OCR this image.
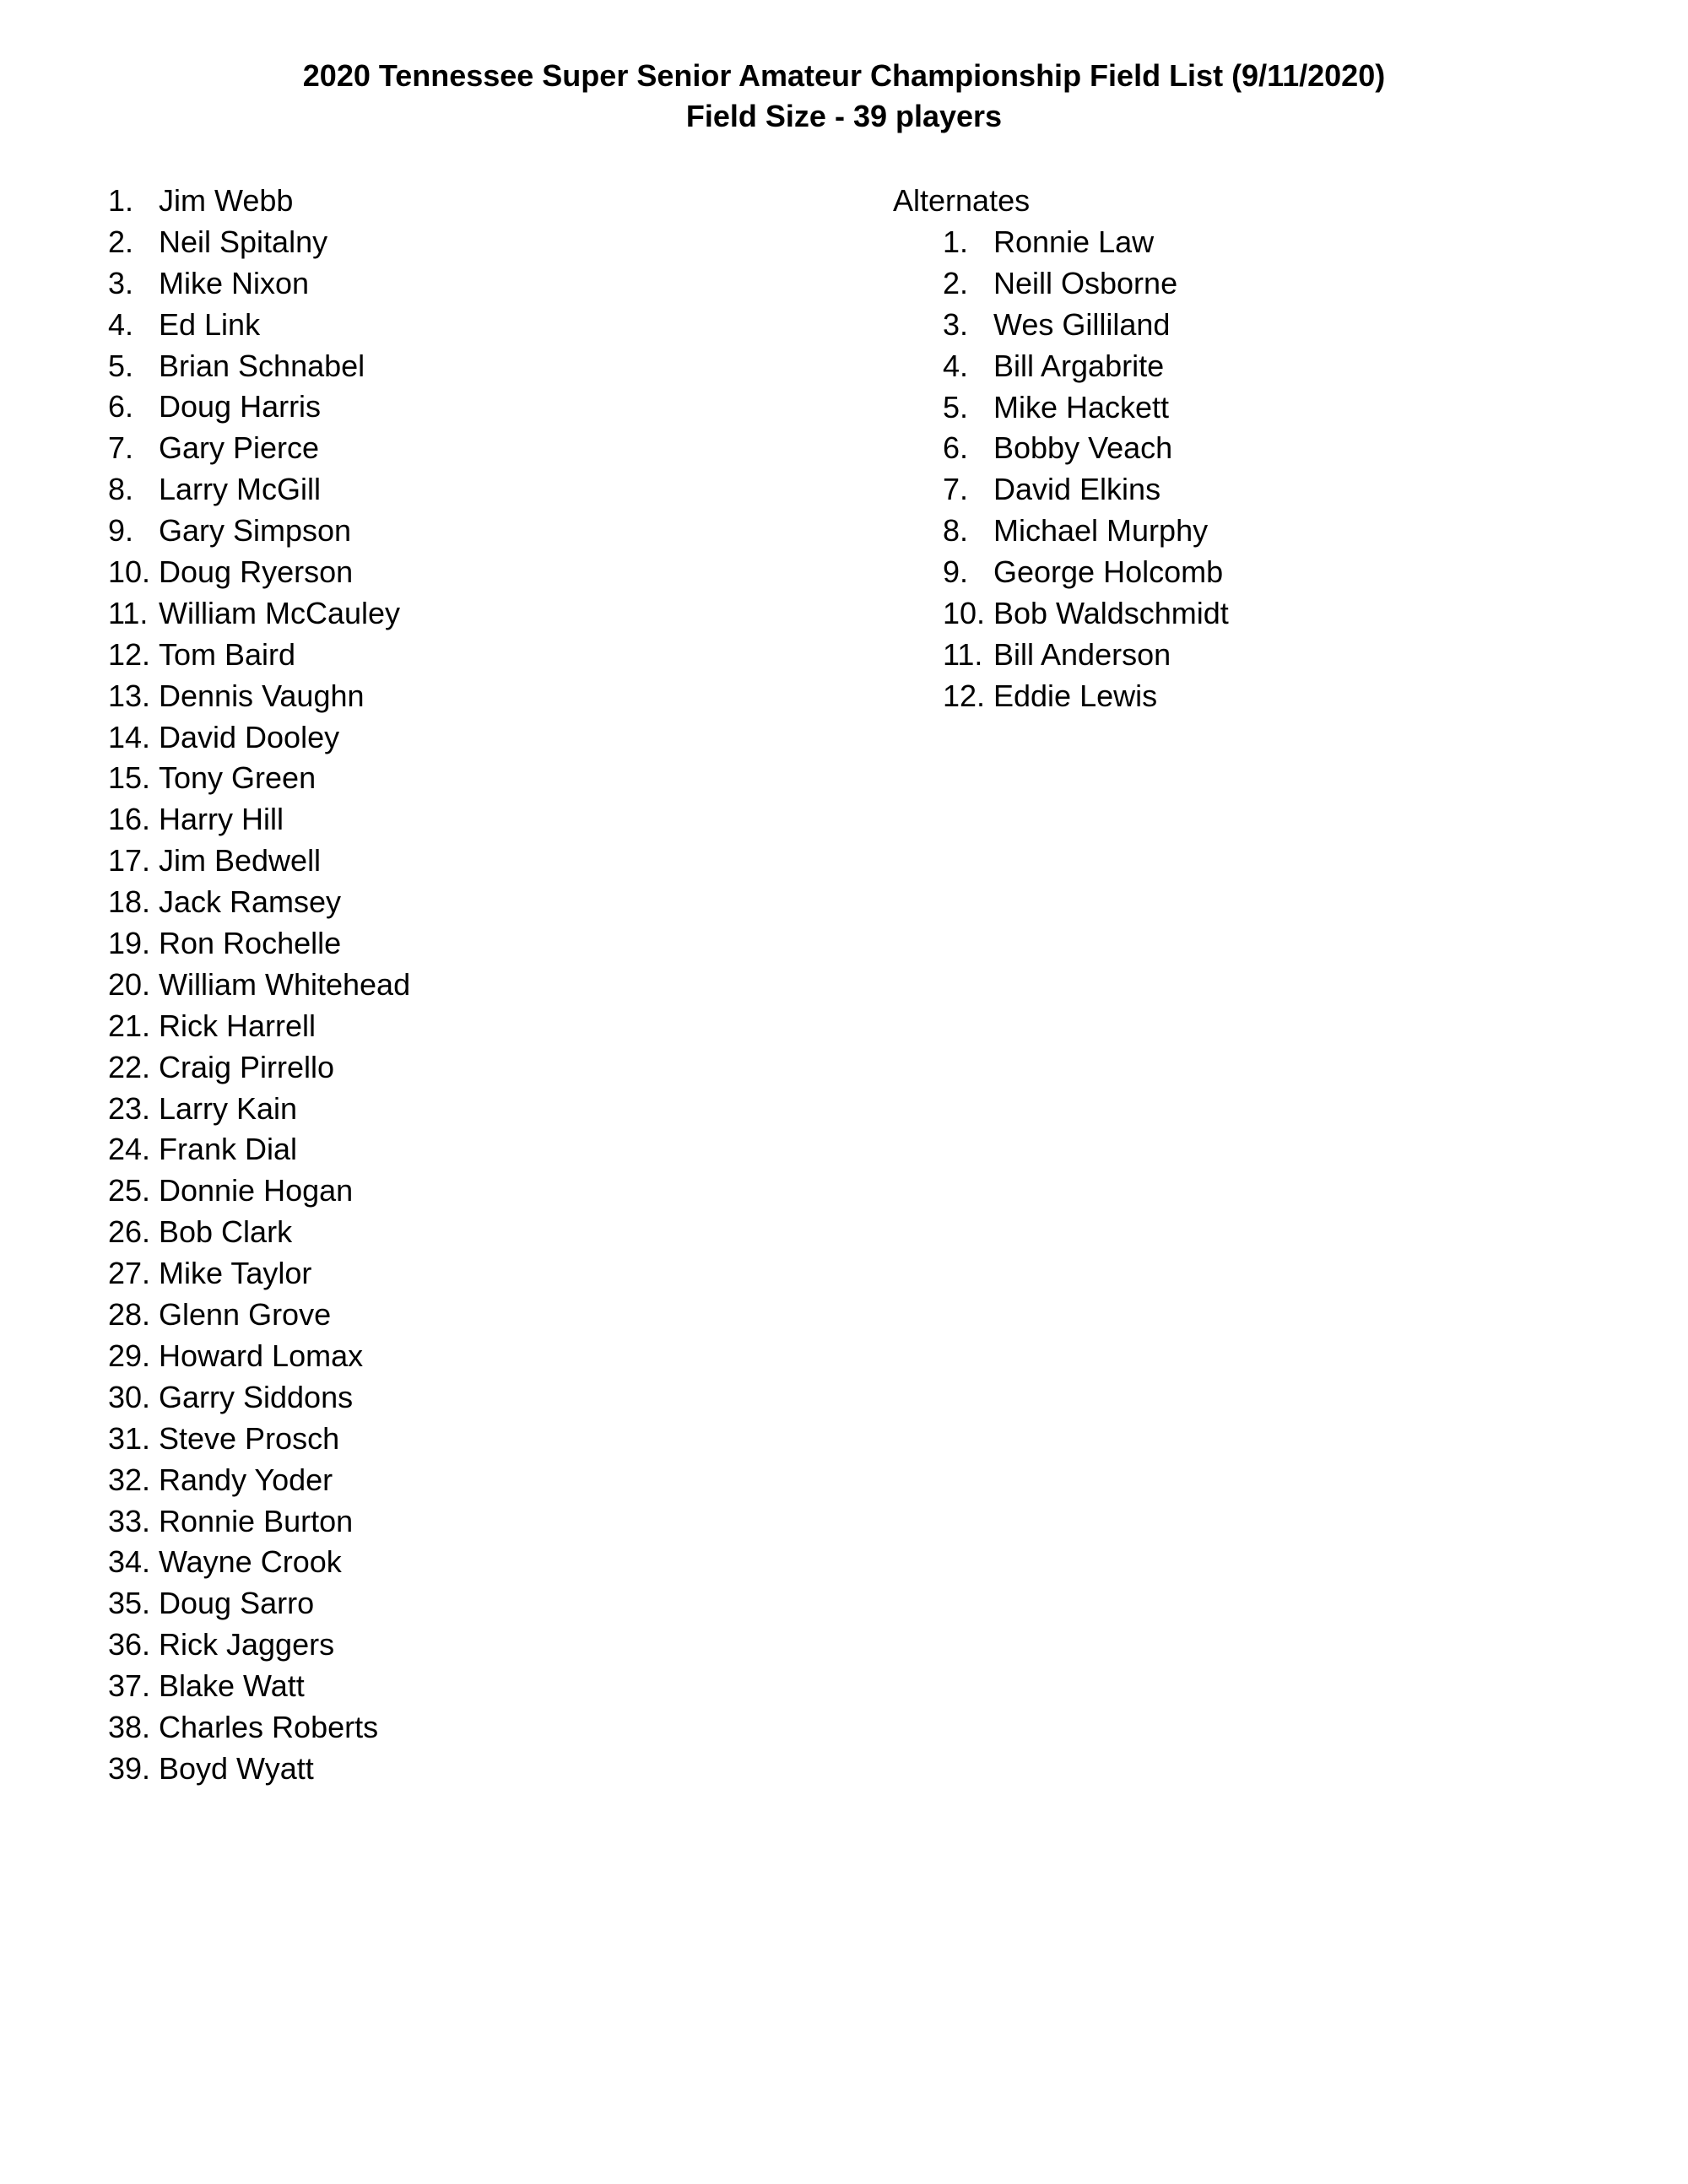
2020 Tennessee Super Senior Amateur Championship Field List (9/11/2020)
Field Size - 39 players
1. Jim Webb
2. Neil Spitalny
3. Mike Nixon
4. Ed Link
5. Brian Schnabel
6. Doug Harris
7. Gary Pierce
8. Larry McGill
9. Gary Simpson
10. Doug Ryerson
11. William McCauley
12. Tom Baird
13. Dennis Vaughn
14. David Dooley
15. Tony Green
16. Harry Hill
17. Jim Bedwell
18. Jack Ramsey
19. Ron Rochelle
20. William Whitehead
21. Rick Harrell
22. Craig Pirrello
23. Larry Kain
24. Frank Dial
25. Donnie Hogan
26. Bob Clark
27. Mike Taylor
28. Glenn Grove
29. Howard Lomax
30. Garry Siddons
31. Steve Prosch
32. Randy Yoder
33. Ronnie Burton
34. Wayne Crook
35. Doug Sarro
36. Rick Jaggers
37. Blake Watt
38. Charles Roberts
39. Boyd Wyatt
Alternates
1. Ronnie Law
2. Neill Osborne
3. Wes Gilliland
4. Bill Argabrite
5. Mike Hackett
6. Bobby Veach
7. David Elkins
8. Michael Murphy
9. George Holcomb
10. Bob Waldschmidt
11. Bill Anderson
12. Eddie Lewis
